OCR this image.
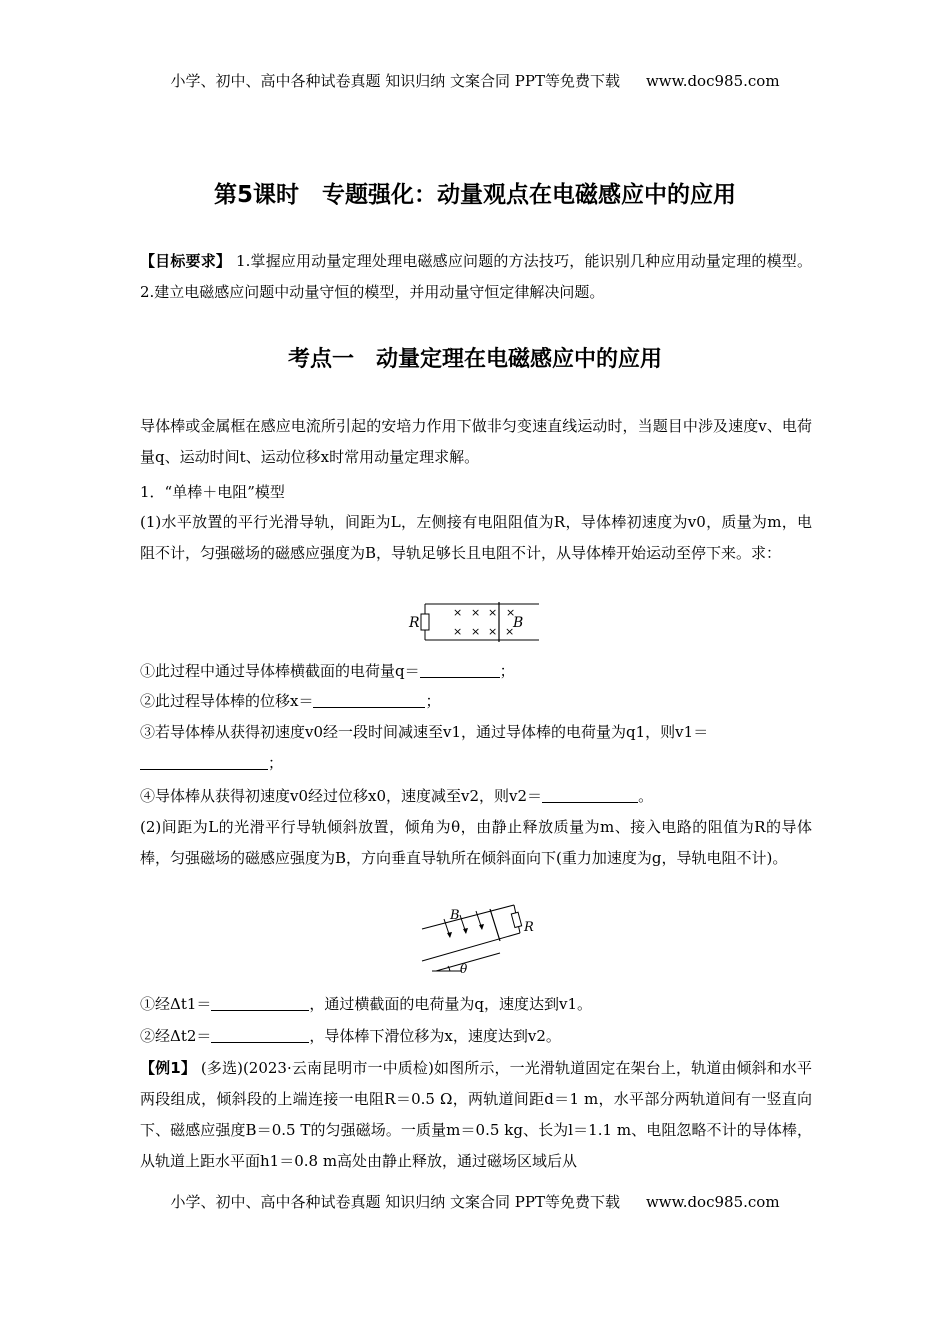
小学、初中、高中各种试卷真题 知识归纳 文案合同 PPT等免费下载 www.doc985.com
第5课时　专题强化：动量观点在电磁感应中的应用
【目标要求】 1.掌握应用动量定理处理电磁感应问题的方法技巧，能识别几种应用动量定理的模型。2.建立电磁感应问题中动量守恒的模型，并用动量守恒定律解决问题。
考点一　动量定理在电磁感应中的应用
导体棒或金属框在感应电流所引起的安培力作用下做非匀变速直线运动时，当题目中涉及速度v、电荷量q、运动时间t、运动位移x时常用动量定理求解。
1．“单棒＋电阻”模型
(1)水平放置的平行光滑导轨，间距为L，左侧接有电阻阻值为R，导体棒初速度为v0，质量为m，电阻不计，匀强磁场的磁感应强度为B，导轨足够长且电阻不计，从导体棒开始运动至停下来。求：
R	B
× × × ×
× × × ×
①此过程中通过导体棒横截面的电荷量q＝	；
②此过程导体棒的位移x＝	；
③若导体棒从获得初速度v0经一段时间减速至v1，通过导体棒的电荷量为q1，则v1＝
；
④导体棒从获得初速度v0经过位移x0，速度减至v2，则v2＝	。
(2)间距为L的光滑平行导轨倾斜放置，倾角为θ，由静止释放质量为m、接入电路的阻值为R的导体棒，匀强磁场的磁感应强度为B，方向垂直导轨所在倾斜面向下(重力加速度为g，导轨电阻不计)。
B
R
θ
①经Δt1＝	，通过横截面的电荷量为q，速度达到v1。
②经Δt2＝	，导体棒下滑位移为x，速度达到v2。
【例1】 (多选)(2023·云南昆明市一中质检)如图所示，一光滑轨道固定在架台上，轨道由倾斜和水平两段组成，倾斜段的上端连接一电阻R＝0.5 Ω，两轨道间距d＝1 m，水平部分两轨道间有一竖直向下、磁感应强度B＝0.5 T的匀强磁场。一质量m＝0.5 kg、长为l＝1.1 m、电阻忽略不计的导体棒，从轨道上距水平面h1＝0.8 m高处由静止释放，通过磁场区域后从
小学、初中、高中各种试卷真题 知识归纳 文案合同 PPT等免费下载 www.doc985.com
